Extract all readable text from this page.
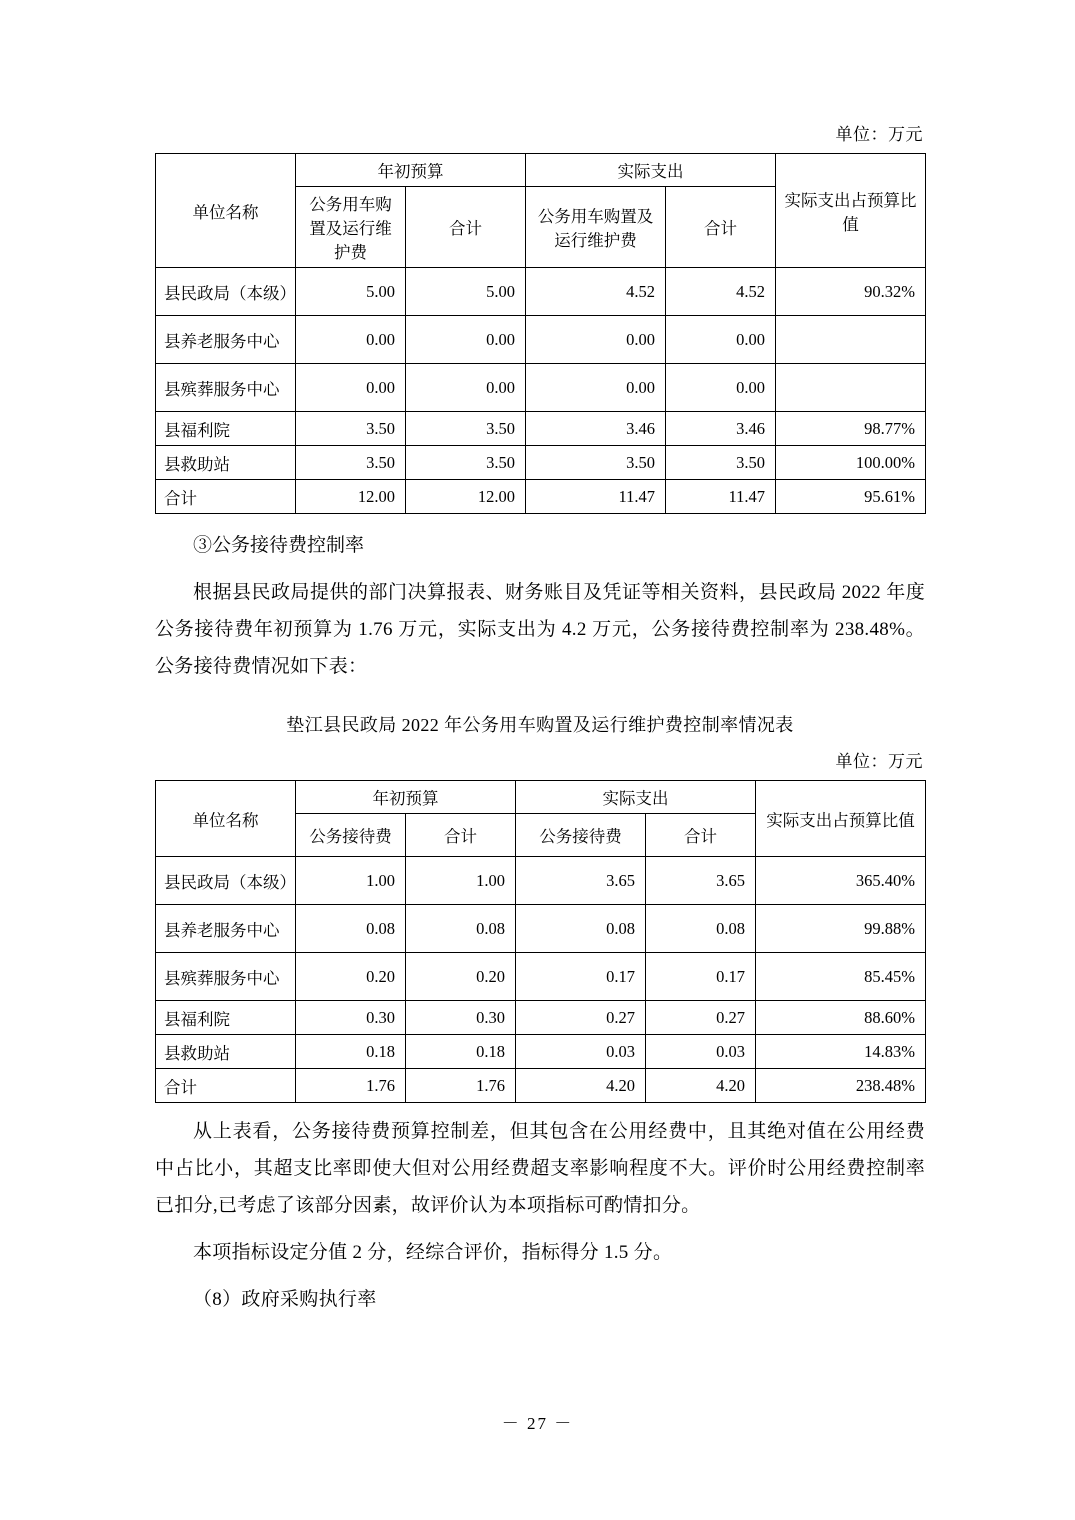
单位：万元
单位名称	年初预算		实际支出		实际支出占预算比值
	公务用车购置及运行维护费	合计	公务用车购置及运行维护费	合计	
县民政局（本级）	5.00	5.00	4.52	4.52	90.32%
县养老服务中心	0.00	0.00	0.00	0.00	
县殡葬服务中心	0.00	0.00	0.00	0.00	
县福利院	3.50	3.50	3.46	3.46	98.77%
县救助站	3.50	3.50	3.50	3.50	100.00%
合计	12.00	12.00	11.47	11.47	95.61%

③公务接待费控制率

根据县民政局提供的部门决算报表、财务账目及凭证等相关资料，县民政局 2022 年度公务接待费年初预算为 1.76 万元，实际支出为 4.2 万元，公务接待费控制率为 238.48%。公务接待费情况如下表：

垫江县民政局 2022 年公务用车购置及运行维护费控制率情况表
单位：万元
单位名称	年初预算		实际支出		实际支出占预算比值
	公务接待费	合计	公务接待费	合计	
县民政局（本级）	1.00	1.00	3.65	3.65	365.40%
县养老服务中心	0.08	0.08	0.08	0.08	99.88%
县殡葬服务中心	0.20	0.20	0.17	0.17	85.45%
县福利院	0.30	0.30	0.27	0.27	88.60%
县救助站	0.18	0.18	0.03	0.03	14.83%
合计	1.76	1.76	4.20	4.20	238.48%

从上表看，公务接待费预算控制差，但其包含在公用经费中，且其绝对值在公用经费中占比小，其超支比率即使大但对公用经费超支率影响程度不大。评价时公用经费控制率已扣分,已考虑了该部分因素，故评价认为本项指标可酌情扣分。

本项指标设定分值 2 分，经综合评价，指标得分 1.5 分。

（8）政府采购执行率

－ 27 －
